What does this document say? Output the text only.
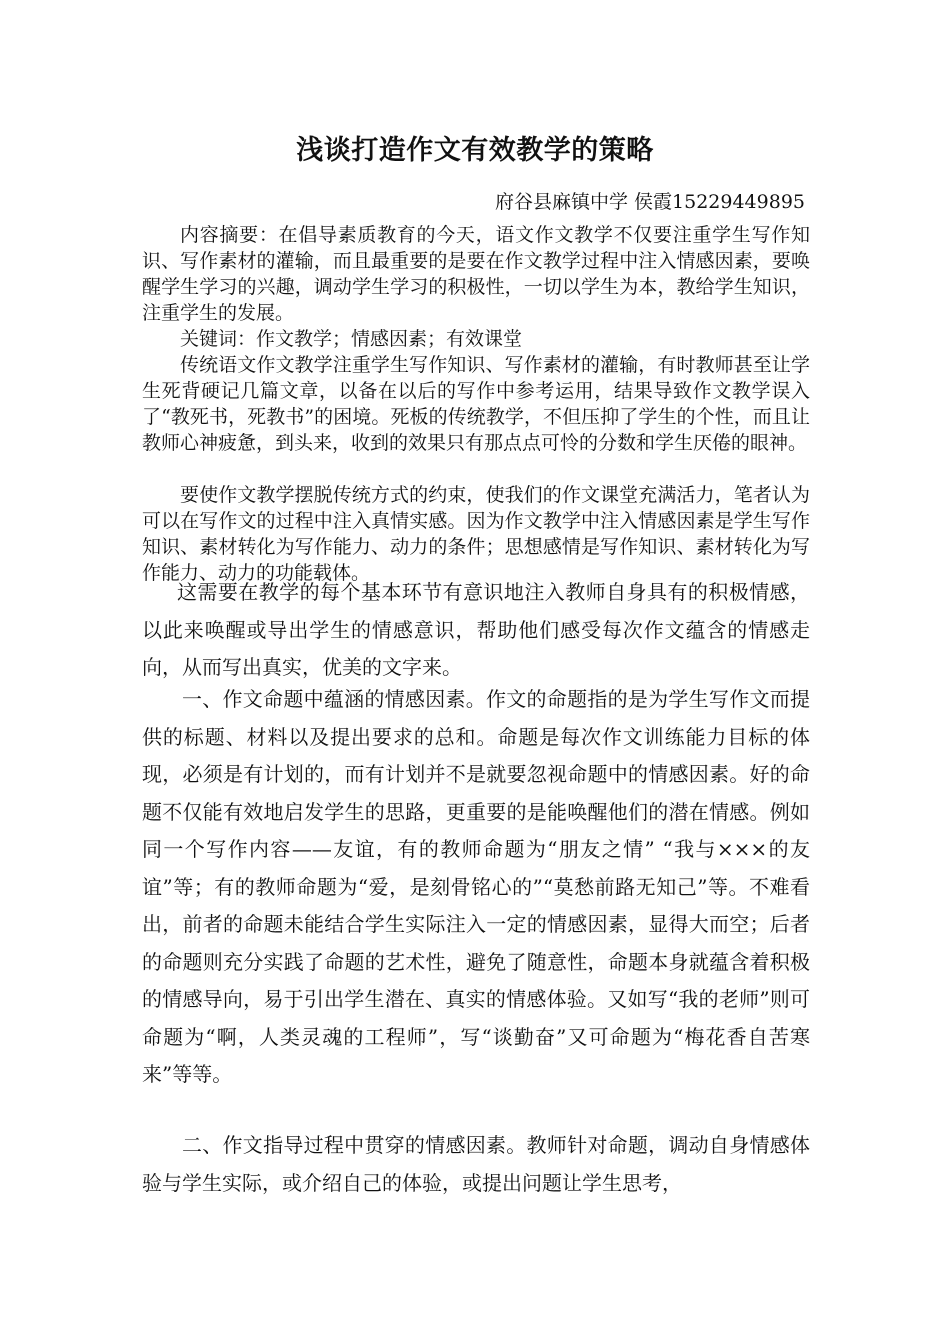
浅谈打造作文有效教学的策略

府谷县麻镇中学 侯霞15229449895

内容摘要：在倡导素质教育的今天，语文作文教学不仅要注重学生写作知识、写作素材的灌输，而且最重要的是要在作文教学过程中注入情感因素，要唤醒学生学习的兴趣，调动学生学习的积极性，一切以学生为本，教给学生知识，注重学生的发展。

关键词：作文教学；情感因素；有效课堂

传统语文作文教学注重学生写作知识、写作素材的灌输，有时教师甚至让学生死背硬记几篇文章，以备在以后的写作中参考运用，结果导致作文教学误入了“教死书，死教书”的困境。死板的传统教学，不但压抑了学生的个性，而且让教师心神疲惫，到头来，收到的效果只有那点点可怜的分数和学生厌倦的眼神。

要使作文教学摆脱传统方式的约束，使我们的作文课堂充满活力，笔者认为可以在写作文的过程中注入真情实感。因为作文教学中注入情感因素是学生写作知识、素材转化为写作能力、动力的条件；思想感情是写作知识、素材转化为写作能力、动力的功能载体。

这需要在教学的每个基本环节有意识地注入教师自身具有的积极情感，以此来唤醒或导出学生的情感意识，帮助他们感受每次作文蕴含的情感走向，从而写出真实，优美的文字来。

一、作文命题中蕴涵的情感因素。作文的命题指的是为学生写作文而提供的标题、材料以及提出要求的总和。命题是每次作文训练能力目标的体现，必须是有计划的，而有计划并不是就要忽视命题中的情感因素。好的命题不仅能有效地启发学生的思路，更重要的是能唤醒他们的潜在情感。例如同一个写作内容——友谊，有的教师命题为“朋友之情” “我与×××的友谊”等；有的教师命题为“爱，是刻骨铭心的”“莫愁前路无知己”等。不难看出，前者的命题未能结合学生实际注入一定的情感因素，显得大而空；后者的命题则充分实践了命题的艺术性，避免了随意性，命题本身就蕴含着积极的情感导向，易于引出学生潜在、真实的情感体验。又如写“我的老师”则可命题为“啊，人类灵魂的工程师”，写“谈勤奋”又可命题为“梅花香自苦寒来”等等。

二、作文指导过程中贯穿的情感因素。教师针对命题，调动自身情感体验与学生实际，或介绍自己的体验，或提出问题让学生思考，
